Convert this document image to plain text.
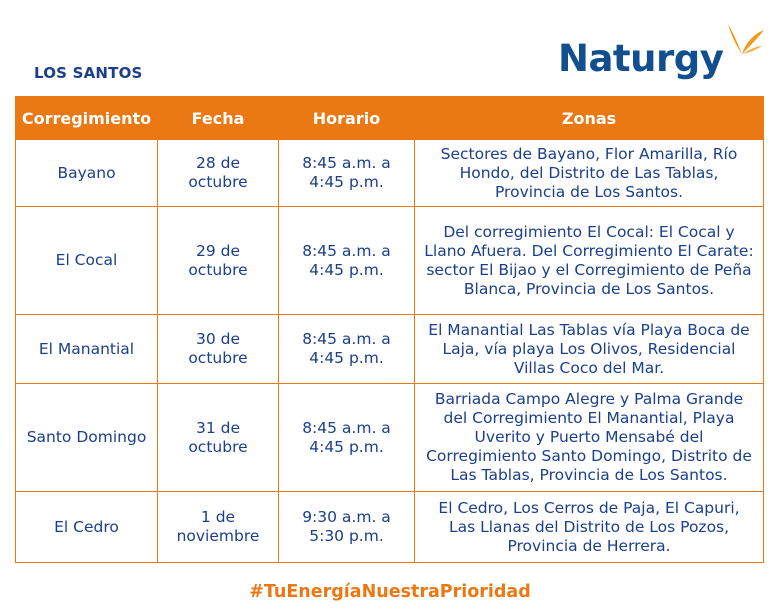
LOS SANTOS	Naturgy
Corregimiento	Fecha	Horario	Zonas
Bayano	28 de octubre	8:45 a.m. a 4:45 p.m.	Sectores de Bayano, Flor Amarilla, Río Hondo, del Distrito de Las Tablas, Provincia de Los Santos.
El Cocal	29 de octubre	8:45 a.m. a 4:45 p.m.	Del corregimiento El Cocal: El Cocal y Llano Afuera. Del Corregimiento El Carate: sector El Bijao y el Corregimiento de Peña Blanca, Provincia de Los Santos.
El Manantial	30 de octubre	8:45 a.m. a 4:45 p.m.	El Manantial Las Tablas vía Playa Boca de Laja, vía playa Los Olivos, Residencial Villas Coco del Mar.
Santo Domingo	31 de octubre	8:45 a.m. a 4:45 p.m.	Barriada Campo Alegre y Palma Grande del Corregimiento El Manantial, Playa Uverito y Puerto Mensabé del Corregimiento Santo Domingo, Distrito de Las Tablas, Provincia de Los Santos.
El Cedro	1 de noviembre	9:30 a.m. a 5:30 p.m.	El Cedro, Los Cerros de Paja, El Capuri, Las Llanas del Distrito de Los Pozos, Provincia de Herrera.
#TuEnergíaNuestraPrioridad
